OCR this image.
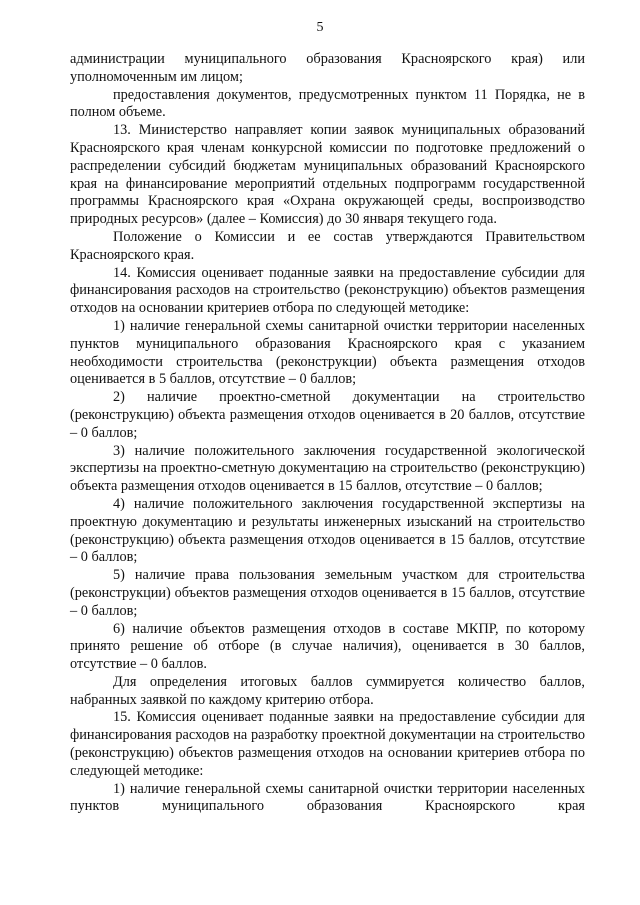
5

администрации муниципального образования Красноярского края) или уполномоченным им лицом;

предоставления документов, предусмотренных пунктом 11 Порядка, не в полном объеме.

13. Министерство направляет копии заявок муниципальных образований Красноярского края членам конкурсной комиссии по подготовке предложений о распределении субсидий бюджетам муниципальных образований Красноярского края на финансирование мероприятий отдельных подпрограмм государственной программы Красноярского края «Охрана окружающей среды, воспроизводство природных ресурсов» (далее – Комиссия) до 30 января текущего года.

Положение о Комиссии и ее состав утверждаются Правительством Красноярского края.

14. Комиссия оценивает поданные заявки на предоставление субсидии для финансирования расходов на строительство (реконструкцию) объектов размещения отходов на основании критериев отбора по следующей методике:

1) наличие генеральной схемы санитарной очистки территории населенных пунктов муниципального образования Красноярского края с указанием необходимости строительства (реконструкции) объекта размещения отходов оценивается в 5 баллов, отсутствие – 0 баллов;

2) наличие проектно-сметной документации на строительство (реконструкцию) объекта размещения отходов оценивается в 20 баллов, отсутствие – 0 баллов;

3) наличие положительного заключения государственной экологической экспертизы на проектно-сметную документацию на строительство (реконструкцию) объекта размещения отходов оценивается в 15 баллов, отсутствие – 0 баллов;

4) наличие положительного заключения государственной экспертизы на проектную документацию и результаты инженерных изысканий на строительство (реконструкцию) объекта размещения отходов оценивается в 15 баллов, отсутствие – 0 баллов;

5) наличие права пользования земельным участком для строительства (реконструкции) объектов размещения отходов оценивается в 15 баллов, отсутствие – 0 баллов;

6) наличие объектов размещения отходов в составе МКПР, по которому принято решение об отборе (в случае наличия), оценивается в 30 баллов, отсутствие – 0 баллов.

Для определения итоговых баллов суммируется количество баллов, набранных заявкой по каждому критерию отбора.

15. Комиссия оценивает поданные заявки на предоставление субсидии для финансирования расходов на разработку проектной документации на строительство (реконструкцию) объектов размещения отходов на основании критериев отбора по следующей методике:

1) наличие генеральной схемы санитарной очистки территории населенных пунктов муниципального образования Красноярского края
